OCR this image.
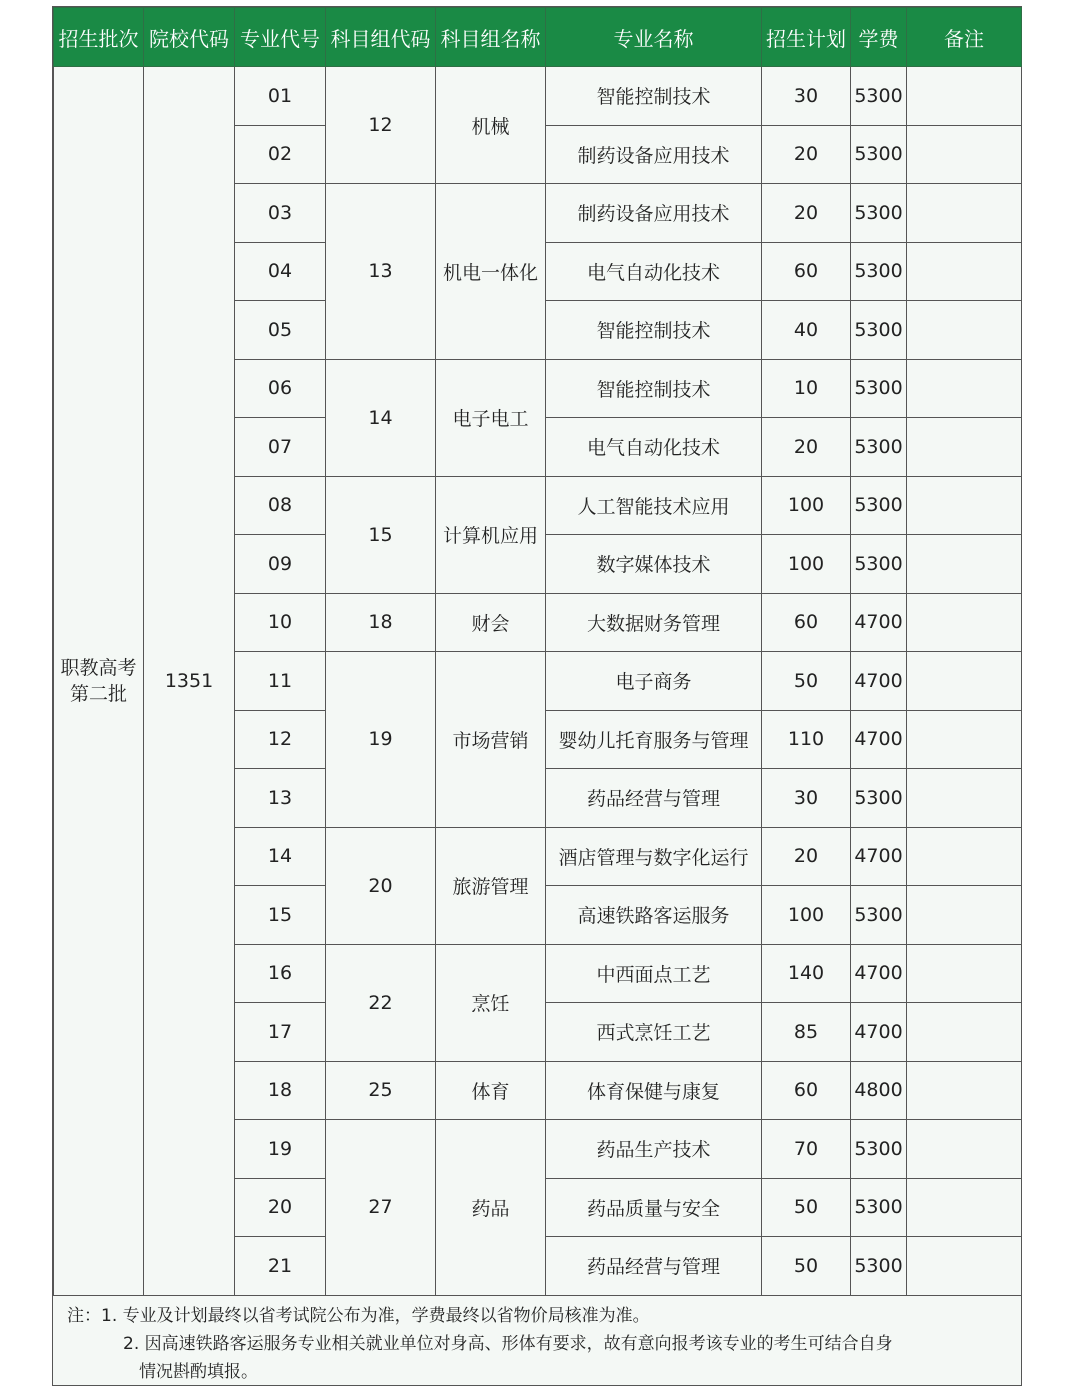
招生批次	院校代码	专业代号	科目组代码	科目组名称	专业名称	招生计划	学费	备注

职教高考
第二批	1351	01	12	机械	智能控制技术	30	5300	
		02			制药设备应用技术	20	5300	
		03	13	机电一体化	制药设备应用技术	20	5300	
		04			电气自动化技术	60	5300	
		05			智能控制技术	40	5300	
		06	14	电子电工	智能控制技术	10	5300	
		07			电气自动化技术	20	5300	
		08	15	计算机应用	人工智能技术应用	100	5300	
		09			数字媒体技术	100	5300	
		10	18	财会	大数据财务管理	60	4700	
		11	19	市场营销	电子商务	50	4700	
		12			婴幼儿托育服务与管理	110	4700	
		13			药品经营与管理	30	5300	
		14	20	旅游管理	酒店管理与数字化运行	20	4700	
		15			高速铁路客运服务	100	5300	
		16	22	烹饪	中西面点工艺	140	4700	
		17			西式烹饪工艺	85	4700	
		18	25	体育	体育保健与康复	60	4800	
		19	27	药品	药品生产技术	70	5300	
		20			药品质量与安全	50	5300	
		21			药品经营与管理	50	5300	
注：1. 专业及计划最终以省考试院公布为准，学费最终以省物价局核准为准。
2. 因高速铁路客运服务专业相关就业单位对身高、形体有要求，故有意向报考该专业的考生可结合自身
情况斟酌填报。
